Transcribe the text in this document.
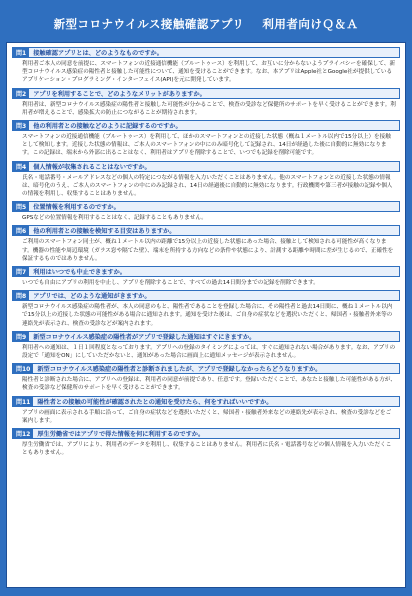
新型コロナウイルス接触確認アプリ 利用者向けＱ＆Ａ
問1	接触確認アプリとは、どのようなものですか。

利用者ご本人の同意を前提に、スマートフォンの近接通信機能（ブルートゥース）を利用して、お互いに分からないようプライバシーを確保して、新型コロナウイルス感染症の陽性者と接触した可能性について、通知を受けることができます。なお、本アプリはApple社とGoogle社が提供しているアプリケーション・プログラミング・インターフェイス(API)を元に開発しています。

問2	アプリを利用することで、どのようなメリットがありますか。

利用者は、新型コロナウイルス感染症の陽性者と接触した可能性が分かることで、検査の受診など保健所のサポートを早く受けることができます。利用者が増えることで、感染拡大の防止につながることが期待されます。

問3	他の利用者との接触などのように記録するのですか。

スマートフォンの近接通信機能（ブルートゥース）を利用して、ほかのスマートフォンとの近接した状態（概ね１メートル以内で15分以上）を接触として検知します。近接した状態の情報は、ご本人のスマートフォンの中にのみ暗号化して記録され、14日が経過した後に自動的に無効になります。この記録は、端末から外部に出ることはなく、利用者はアプリを削除することで、いつでも記録を削除可能です。

問4	個人情報が収集されることはないですか。

氏名・電話番号・メールアドレスなどの個人の特定につながる情報を入力いただくことはありません。他のスマートフォンとの近接した状態の情報は、暗号化のうえ、ご本人のスマートフォンの中にのみ記録され、14日の経過後に自動的に無効になります。行政機関や第三者が接触の記録や個人の情報を利用し、収集することはありません。

問5	位置情報を利用するのですか。

GPSなどの位置情報を利用することはなく、記録することもありません。

問6	他の利用者との接触を検知する目安はありますか。

ご利用のスマートフォン同士が、概ね１メートル以内の距離で15分以上の近接した状態にあった場合、接触として検知される可能性が高くなります。機器の性能や周辺環境（ガラス窓や隔てた壁）、端末を所持する方向などの条件や状態により、計測する距離や時間に差が生じるので、正確性を保証するものではありません。

問7	利用はいつでも中止できますか。

いつでも自由にアプリの利用を中止し、アプリを削除することで、すべての過去14日間分までの記録を削除できます。

問8	アプリでは、どのような通知がきますか。

新型コロナウイルス感染症の陽性者が、本人の同意のもと、陽性者であることを登録した場合に、その陽性者と過去14日間に、概ね１メートル以内で15分以上の近接した状態の可能性がある場合に通知されます。通知を受けた後は、ご自身の症状などを選択いただくと、帰国者・接触者外来等の連絡先が表示され、検査の受診などが案内されます。

問9	新型コロナウイルス感染症の陽性者がアプリで登録した通知はすぐにきますか。

利用者への通知は、１日１回程度となっております。アプリへの登録のタイミングによっては、すぐに通知されない場合があります。なお、アプリの設定で「通知をON」にしていただかないと、通知があった場合に画面上に通知メッセージが表示されません。

問10	新型コロナウイルス感染症の陽性者と診断されましたが、アプリで登録しなかったらどうなりますか。

陽性者と診断された場合に、アプリへの登録は、利用者の同意が前提であり、任意です。登録いただくことで、あなたと接触した可能性がある方が、検査の受診など保健所のサポートを早く受けることができます。

問11	陽性者との接触の可能性が確認されたとの通知を受けたら、何をすればいいですか。

アプリの画面に表示される手順に沿って、ご自身の症状などを選択いただくと、帰国者・接触者外来などの連絡先が表示され、検査の受診などをご案内します。

問12	厚生労働省ではアプリで得た情報を何に利用するのですか。

厚生労働省では、アプリにより、利用者のデータを利用し、収集することはありません。利用者に氏名・電話番号などの個人情報を入力いただくこともありません。
